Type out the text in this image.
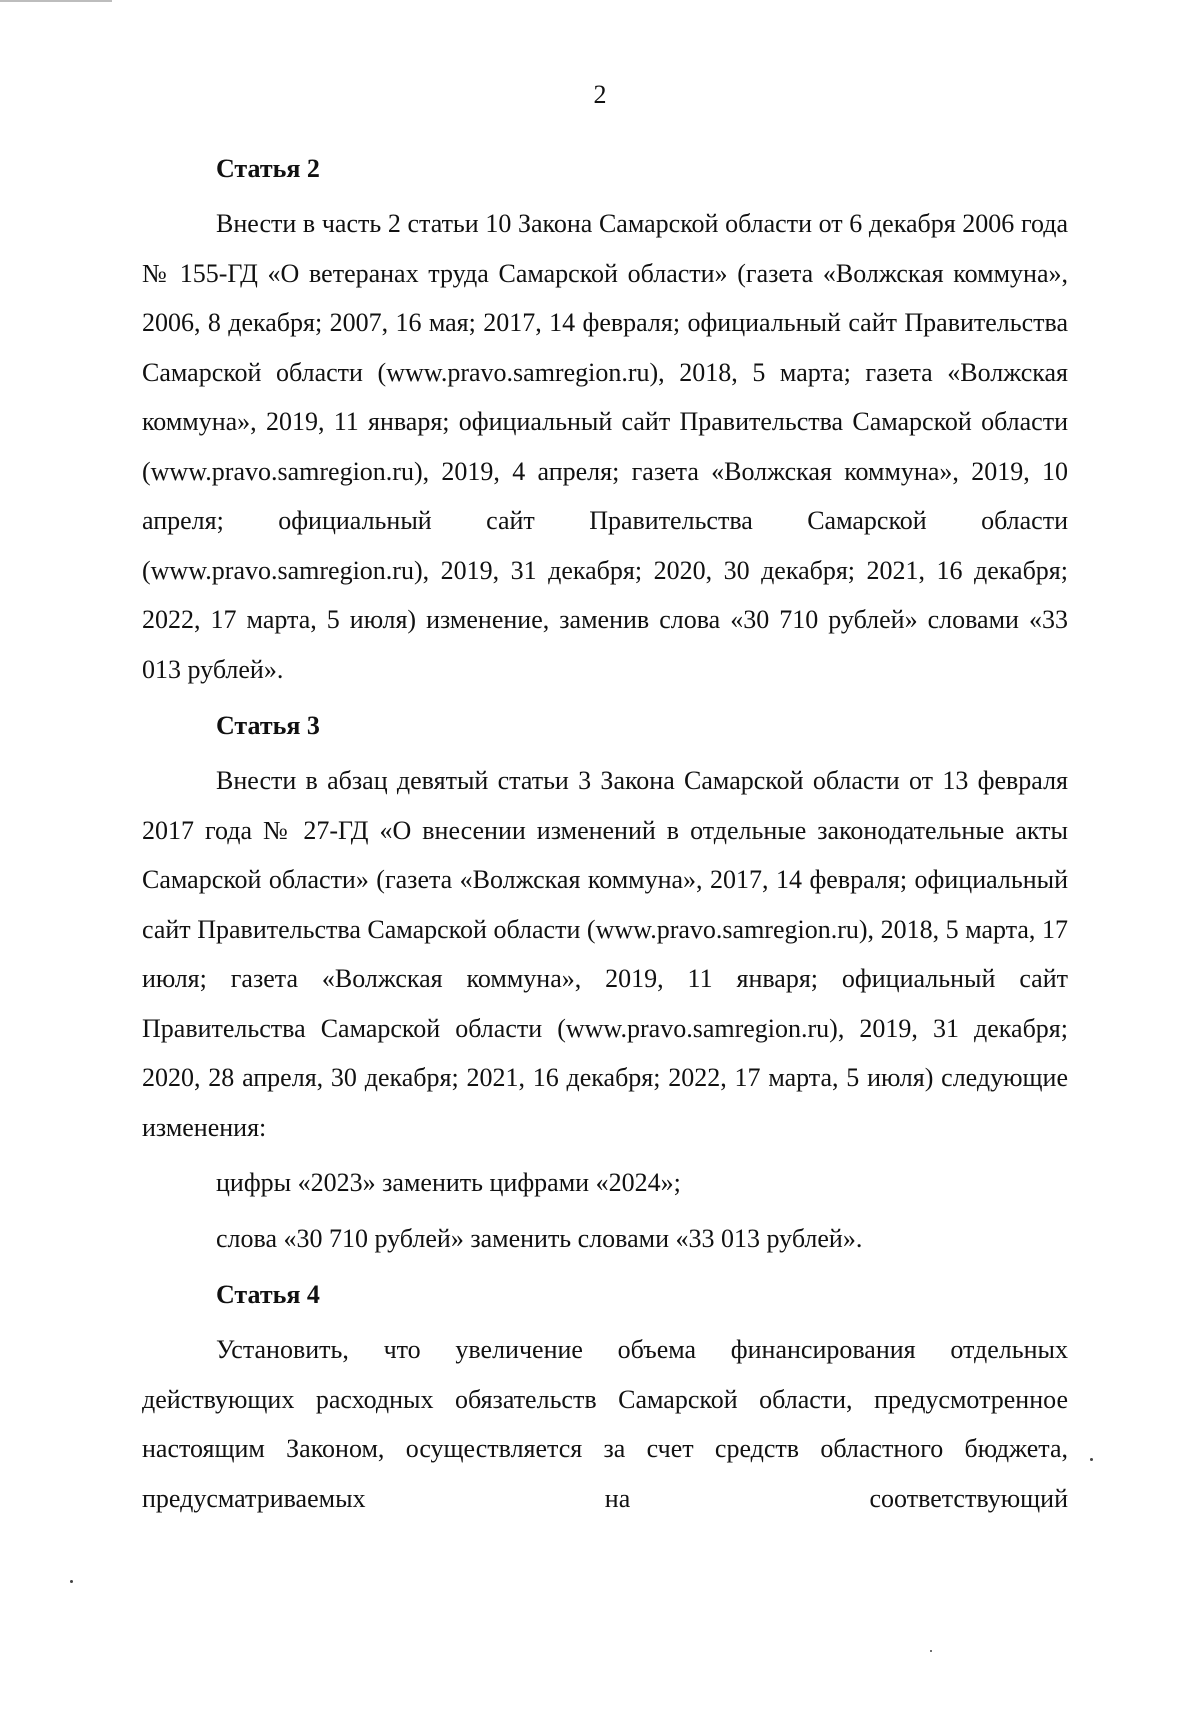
2
Статья 2

Внести в часть 2 статьи 10 Закона Самарской области от 6 декабря 2006 года № 155-ГД «О ветеранах труда Самарской области» (газета «Волжская коммуна», 2006, 8 декабря; 2007, 16 мая; 2017, 14 февраля; официальный сайт Правительства Самарской области (www.pravo.samregion.ru), 2018, 5 марта; газета «Волжская коммуна», 2019, 11 января; официальный сайт Правительства Самарской области (www.pravo.samregion.ru), 2019, 4 апреля; газета «Волжская коммуна», 2019, 10 апреля; официальный сайт Правительства Самарской области (www.pravo.samregion.ru), 2019, 31 декабря; 2020, 30 декабря; 2021, 16 декабря; 2022, 17 марта, 5 июля) изменение, заменив слова «30 710 рублей» словами «33 013 рублей».

Статья 3

Внести в абзац девятый статьи 3 Закона Самарской области от 13 февраля 2017 года № 27-ГД «О внесении изменений в отдельные законодательные акты Самарской области» (газета «Волжская коммуна», 2017, 14 февраля; официальный сайт Правительства Самарской области (www.pravo.samregion.ru), 2018, 5 марта, 17 июля; газета «Волжская коммуна», 2019, 11 января; официальный сайт Правительства Самарской области (www.pravo.samregion.ru), 2019, 31 декабря; 2020, 28 апреля, 30 декабря; 2021, 16 декабря; 2022, 17 марта, 5 июля) следующие изменения:

цифры «2023» заменить цифрами «2024»;

слова «30 710 рублей» заменить словами «33 013 рублей».

Статья 4

Установить, что увеличение объема финансирования отдельных действующих расходных обязательств Самарской области, предусмотренное настоящим Законом, осуществляется за счет средств областного бюджета, предусматриваемых на соответствующий
